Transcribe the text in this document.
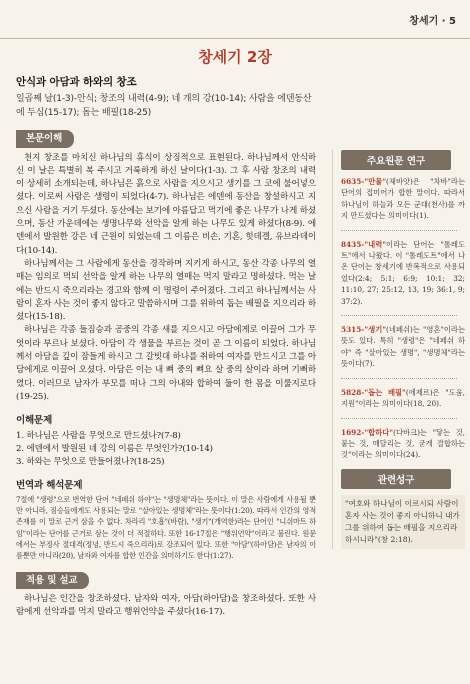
창세기 · 5
창세기 2장
안식과 아담과 하와의 창조
일곱째 날(1-3)-안식; 창조의 내력(4-9); 네 개의 강(10-14); 사람을 에덴동산에 두심(15-17); 돕는 배필(18-25)
본문이해

천지 창조를 마치신 하나님의 휴식이 상징적으로 표현된다. 하나님께서 안식하신 이 날은 특별히 복 주시고 거룩하게 하신 날이다(1-3). 그 후 사람 창조의 내력이 상세히 소개되는데, 하나님은 흙으로 사람을 지으시고 생기를 그 코에 불어넣으셨다. 이로써 사람은 생령이 되었다(4-7). 하나님은 에덴에 동산을 창설하시고 지으신 사람을 거기 두셨다. 동산에는 보기에 아름답고 먹기에 좋은 나무가 나게 하셨으며, 동산 가운데에는 생명나무와 선악을 알게 하는 나무도 있게 하셨다(8-9). 에덴에서 발원한 강은 네 근원이 되었는데 그 이름은 비손, 기혼, 힛데겔, 유브라데이다(10-14).

하나님께서는 그 사람에게 동산을 경작하며 지키게 하시고, 동산 각종 나무의 열매는 임의로 먹되 선악을 알게 하는 나무의 열매는 먹지 말라고 명하셨다. 먹는 날에는 반드시 죽으리라는 경고와 함께 이 명령이 주어졌다. 그리고 하나님께서는 사람이 혼자 사는 것이 좋지 않다고 말씀하시며 그를 위하여 돕는 배필을 지으리라 하셨다(15-18).

하나님은 각종 들짐승과 공중의 각종 새를 지으시고 아담에게로 이끌어 그가 무엇이라 부르나 보셨다. 아담이 각 생물을 부르는 것이 곧 그 이름이 되었다. 하나님께서 아담을 깊이 잠들게 하시고 그 갈빗대 하나를 취하여 여자를 만드시고 그를 아담에게로 이끌어 오셨다. 아담은 이는 내 뼈 중의 뼈요 살 중의 살이라 하며 기뻐하였다. 이러므로 남자가 부모를 떠나 그의 아내와 합하여 둘이 한 몸을 이룰지로다(19-25).

이해문제
1. 하나님은 사람을 무엇으로 만드셨나?(7-8)
2. 에덴에서 발원된 네 강의 이름은 무엇인가?(10-14)
3. 하와는 무엇으로 만들어졌나?(18-25)
번역과 해석문제

7절에 "생령"으로 번역한 단어 "네페쉬 하야"는 "생명체"라는 뜻이다. 이 말은 사람에게 사용될 뿐만 아니라, 짐승들에게도 사용되는 말로 "살아있는 생명체"라는 뜻이다(1:20). 따라서 인간의 영적 존재를 이 말로 근거 삼을 수 없다. 차라리 "호흡"(바람), "생기"(개역한)라는 단어인 "니쉬마트 하임"이라는 단어를 근거로 삼는 것이 더 적절하다. 또한 16-17절은 "행위언약"이라고 불린다. 원문에서는 부정사 절대격(정녕, 반드시 죽으리라)로 강조되어 있다. 또한 "아담"(하아담)은 남자의 이름뿐만 아니라(20), 남자와 여자를 합한 인간을 의미하기도 한다(1:27).

적용 및 설교

하나님은 인간을 창조하셨다. 남자와 여자, 아담(하아담)을 창조하셨다. 또한 사람에게 선악과를 먹지 말라고 행위언약을 주셨다(16-17).

주요원문 연구

6635-"만물"(체바앗)은 "차바"라는 단어의 접미어가 합한 말이다. 따라서 하나님이 하늘과 모든 군대(천사)를 까지 만드셨다는 의미이다(1).

8435-"내력"이라는 단어는 "톨레도트"에서 나왔다. 이 "톨레도트"에서 나온 단어는 창세기에 반복적으로 사용되었다(2:4; 5:1; 6:9; 10:1; 32; 11:10, 27; 25:12, 13, 19; 36:1, 9; 37:2).

5315-"생기"(네페쉬)는 "영혼"이라는 뜻도 있다. 특히 "생령"은 "네페쉬 하야" 즉 "살아있는 생명", "생명체"라는 뜻이다(7).

5828-"돕는 배필"(에제르)은 "도움, 지원"이라는 의미이다(18, 20).

1692-"합하다"(다바크)는 "닿는 것, 붙는 것, 매달리는 것, 굳게 결합하는 것"이라는 의미이다(24).

관련성구

"여호와 하나님이 이르시되 사람이 혼자 사는 것이 좋지 아니하니 내가 그를 위하여 돕는 배필을 지으리라 하시니라"(창 2:18).
